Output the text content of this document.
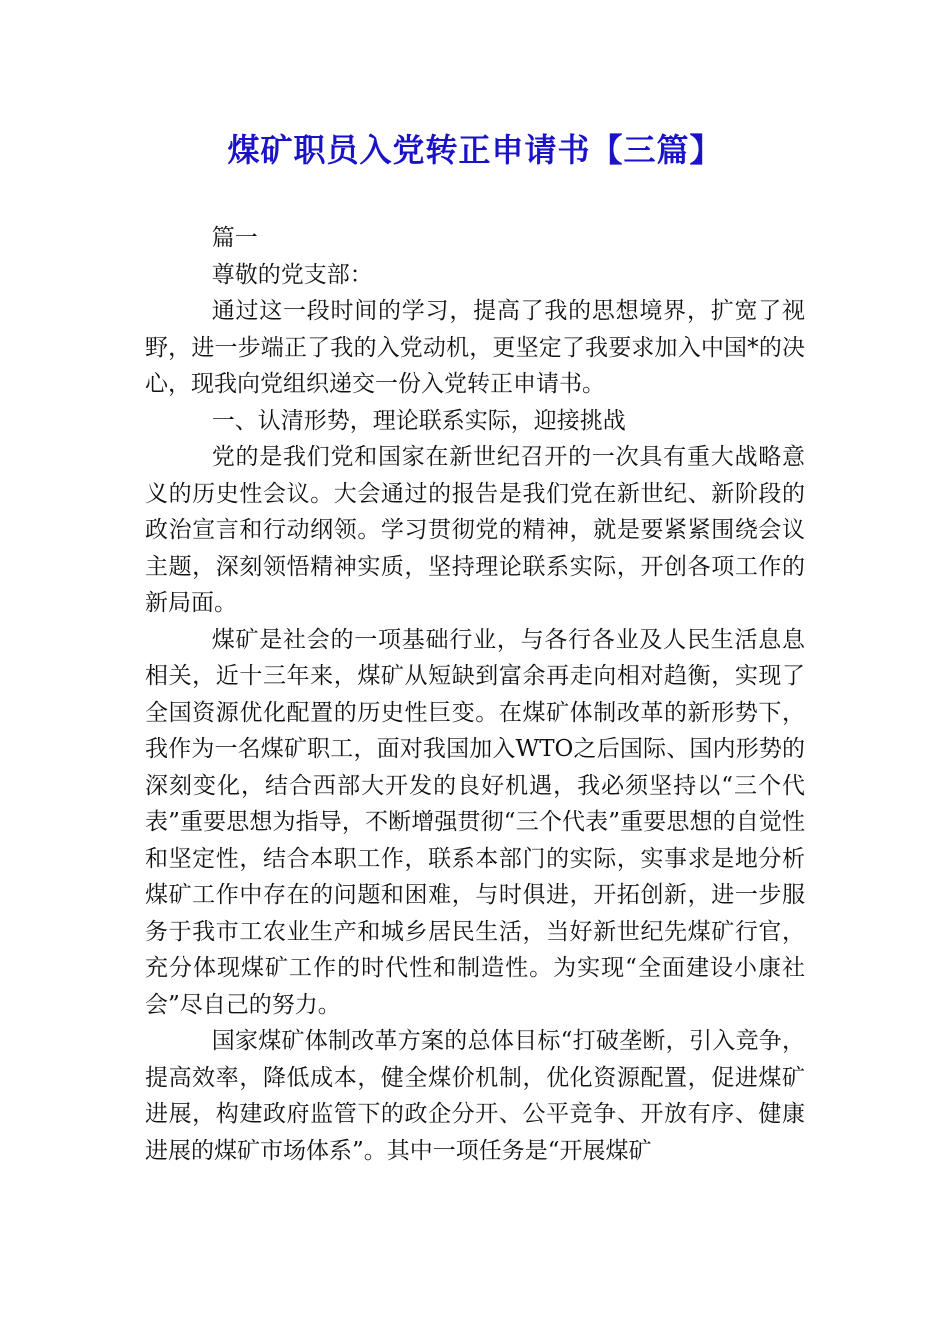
煤矿职员入党转正申请书【三篇】

篇一

尊敬的党支部：

通过这一段时间的学习，提高了我的思想境界，扩宽了视野，进一步端正了我的入党动机，更坚定了我要求加入中国*的决心，现我向党组织递交一份入党转正申请书。

一、认清形势，理论联系实际，迎接挑战

党的是我们党和国家在新世纪召开的一次具有重大战略意义的历史性会议。大会通过的报告是我们党在新世纪、新阶段的政治宣言和行动纲领。学习贯彻党的精神，就是要紧紧围绕会议主题，深刻领悟精神实质，坚持理论联系实际，开创各项工作的新局面。

煤矿是社会的一项基础行业，与各行各业及人民生活息息相关，近十三年来，煤矿从短缺到富余再走向相对趋衡，实现了全国资源优化配置的历史性巨变。在煤矿体制改革的新形势下，我作为一名煤矿职工，面对我国加入WTO之后国际、国内形势的深刻变化，结合西部大开发的良好机遇，我必须坚持以“三个代表”重要思想为指导，不断增强贯彻“三个代表”重要思想的自觉性和坚定性，结合本职工作，联系本部门的实际，实事求是地分析煤矿工作中存在的问题和困难，与时俱进，开拓创新，进一步服务于我市工农业生产和城乡居民生活，当好新世纪先煤矿行官，充分体现煤矿工作的时代性和制造性。为实现“全面建设小康社会”尽自己的努力。

国家煤矿体制改革方案的总体目标“打破垄断，引入竞争，提高效率，降低成本，健全煤价机制，优化资源配置，促进煤矿进展，构建政府监管下的政企分开、公平竞争、开放有序、健康进展的煤矿市场体系”。其中一项任务是“开展煤矿
